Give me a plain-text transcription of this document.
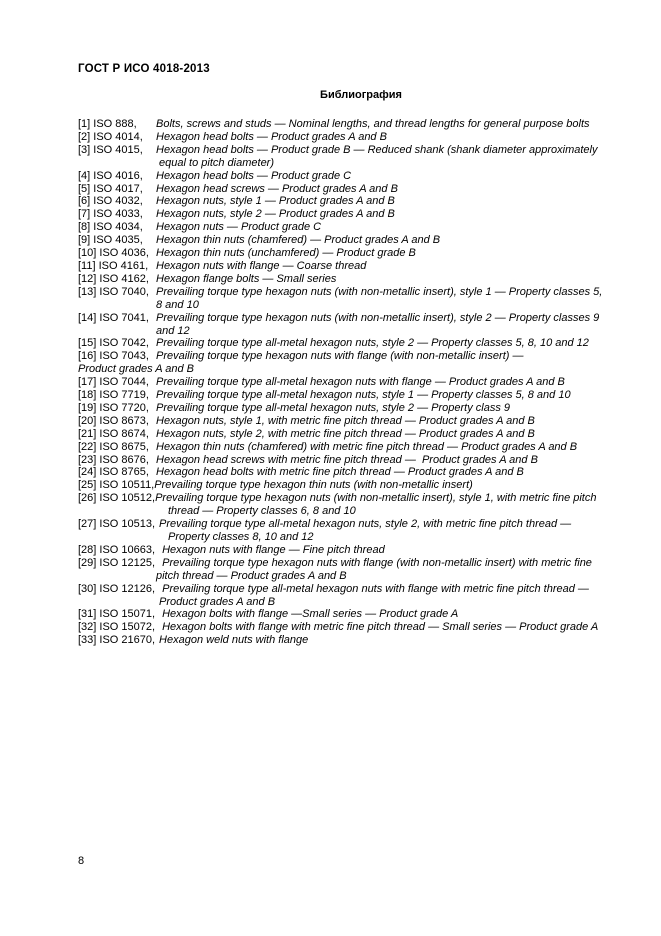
ГОСТ Р ИСО 4018-2013
Библиография
[1] ISO 888, Bolts, screws and studs — Nominal lengths, and thread lengths for general purpose bolts
[2] ISO 4014, Hexagon head bolts — Product grades A and B
[3] ISO 4015, Hexagon head bolts — Product grade B — Reduced shank (shank diameter approximately
equal to pitch diameter)
[4] ISO 4016, Hexagon head bolts — Product grade C
[5] ISO 4017, Hexagon head screws — Product grades A and B
[6] ISO 4032, Hexagon nuts, style 1 — Product grades A and B
[7] ISO 4033, Hexagon nuts, style 2 — Product grades A and B
[8] ISO 4034, Hexagon nuts — Product grade C
[9] ISO 4035, Hexagon thin nuts (chamfered) — Product grades A and B
[10] ISO 4036, Hexagon thin nuts (unchamfered) — Product grade B
[11] ISO 4161, Hexagon nuts with flange — Coarse thread
[12] ISO 4162, Hexagon flange bolts — Small series
[13] ISO 7040, Prevailing torque type hexagon nuts (with non-metallic insert), style 1 — Property classes 5,
8 and 10
[14] ISO 7041, Prevailing torque type hexagon nuts (with non-metallic insert), style 2 — Property classes 9
and 12
[15] ISO 7042, Prevailing torque type all-metal hexagon nuts, style 2 — Property classes 5, 8, 10 and 12
[16] ISO 7043, Prevailing torque type hexagon nuts with flange (with non-metallic insert) —
Product grades A and B
[17] ISO 7044, Prevailing torque type all-metal hexagon nuts with flange — Product grades A and B
[18] ISO 7719, Prevailing torque type all-metal hexagon nuts, style 1 — Property classes 5, 8 and 10
[19] ISO 7720, Prevailing torque type all-metal hexagon nuts, style 2 — Property class 9
[20] ISO 8673, Hexagon nuts, style 1, with metric fine pitch thread — Product grades A and B
[21] ISO 8674, Hexagon nuts, style 2, with metric fine pitch thread — Product grades A and B
[22] ISO 8675, Hexagon thin nuts (chamfered) with metric fine pitch thread — Product grades A and B
[23] ISO 8676, Hexagon head screws with metric fine pitch thread —  Product grades A and B
[24] ISO 8765, Hexagon head bolts with metric fine pitch thread — Product grades A and B
[25] ISO 10511,Prevailing torque type hexagon thin nuts (with non-metallic insert)
[26] ISO 10512,Prevailing torque type hexagon nuts (with non-metallic insert), style 1, with metric fine pitch
thread — Property classes 6, 8 and 10
[27] ISO 10513, Prevailing torque type all-metal hexagon nuts, style 2, with metric fine pitch thread —
Property classes 8, 10 and 12
[28] ISO 10663,  Hexagon nuts with flange — Fine pitch thread
[29] ISO 12125,  Prevailing torque type hexagon nuts with flange (with non-metallic insert) with metric fine
pitch thread — Product grades A and B
[30] ISO 12126,  Prevailing torque type all-metal hexagon nuts with flange with metric fine pitch thread —
Product grades A and B
[31] ISO 15071,  Hexagon bolts with flange —Small series — Product grade A
[32] ISO 15072,  Hexagon bolts with flange with metric fine pitch thread — Small series — Product grade A
[33] ISO 21670, Hexagon weld nuts with flange
8
